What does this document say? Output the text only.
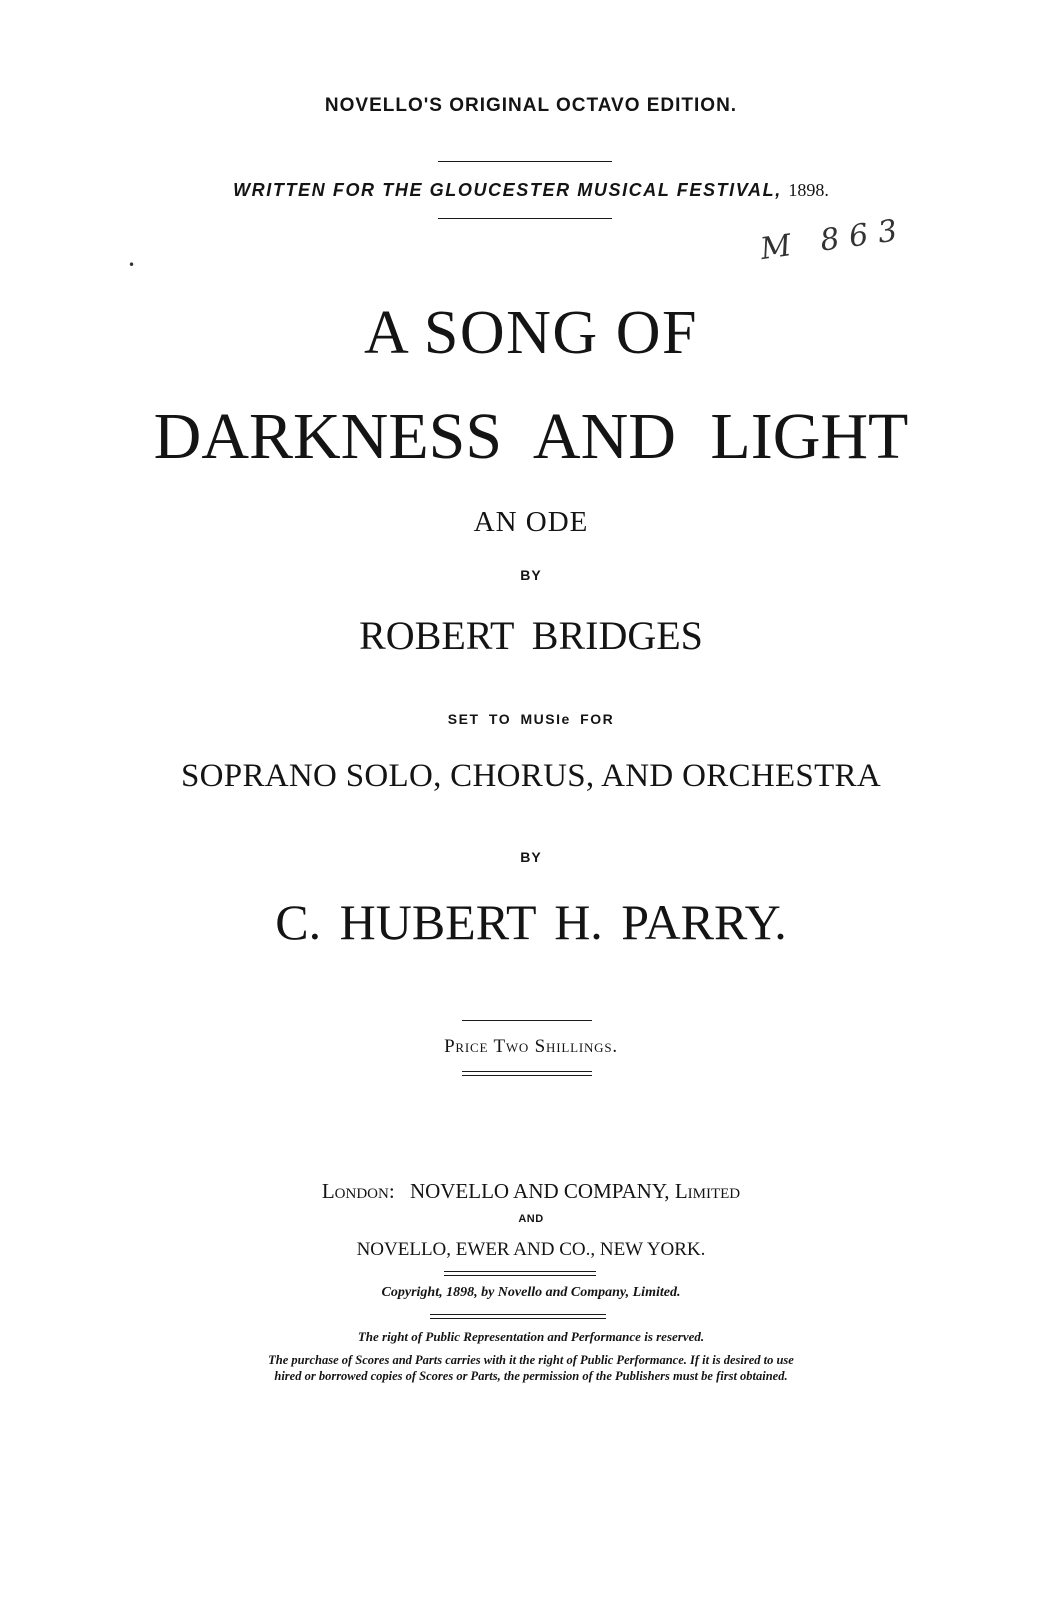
NOVELLO'S ORIGINAL OCTAVO EDITION.
WRITTEN FOR THE GLOUCESTER MUSICAL FESTIVAL, 1898.
M 863
•
A SONG OF
DARKNESS AND LIGHT
AN ODE
BY
ROBERT BRIDGES
SET TO MUSIe FOR
SOPRANO SOLO, CHORUS, AND ORCHESTRA
BY
C. HUBERT H. PARRY.
Price Two Shillings.
London: NOVELLO AND COMPANY, Limited
AND
NOVELLO, EWER AND CO., NEW YORK.
Copyright, 1898, by Novello and Company, Limited.
The right of Public Representation and Performance is reserved.
The purchase of Scores and Parts carries with it the right of Public Performance. If it is desired to use
hired or borrowed copies of Scores or Parts, the permission of the Publishers must be first obtained.
